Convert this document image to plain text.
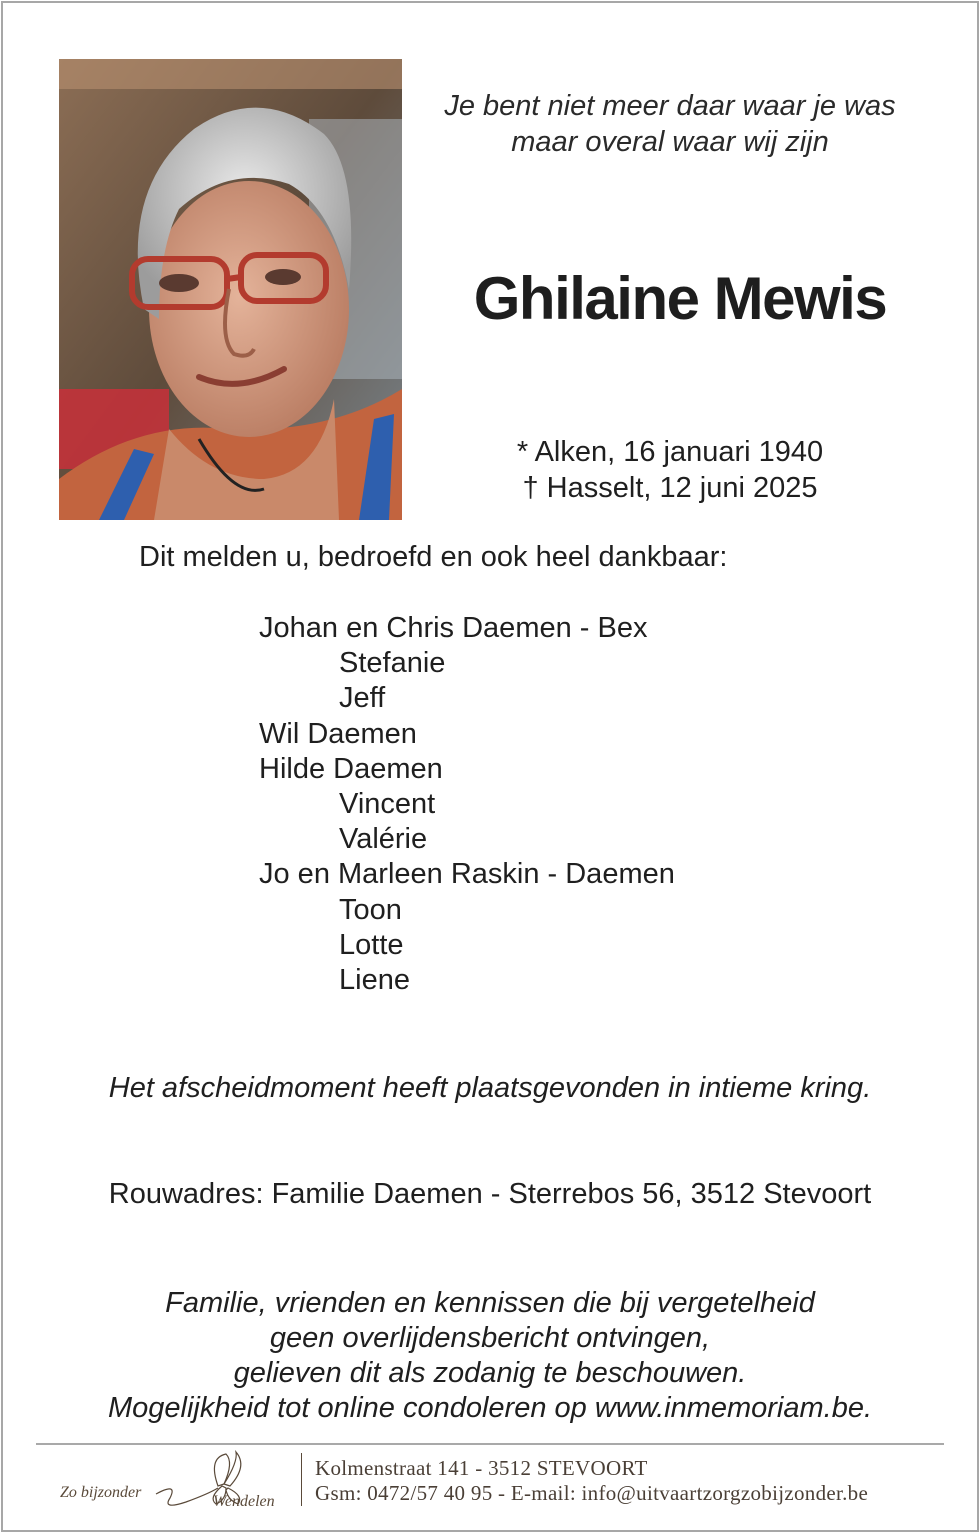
Je bent niet meer daar waar je was
maar overal waar wij zijn
Ghilaine Mewis
* Alken, 16 januari 1940
† Hasselt, 12 juni 2025
Dit melden u, bedroefd en ook heel dankbaar:
Johan en Chris Daemen - Bex
Stefanie
Jeff
Wil Daemen
Hilde Daemen
Vincent
Valérie
Jo en Marleen Raskin - Daemen
Toon
Lotte
Liene
Het afscheidmoment heeft plaatsgevonden in intieme kring.
Rouwadres: Familie Daemen - Sterrebos 56, 3512 Stevoort
Familie, vrienden en kennissen die bij vergetelheid
geen overlijdensbericht ontvingen,
gelieven dit als zodanig te beschouwen.
Mogelijkheid tot online condoleren op www.inmemoriam.be.
Zo bijzonder
Wendelen
Kolmenstraat 141 - 3512 STEVOORT
Gsm: 0472/57 40 95 - E-mail: info@uitvaartzorgzobijzonder.be
